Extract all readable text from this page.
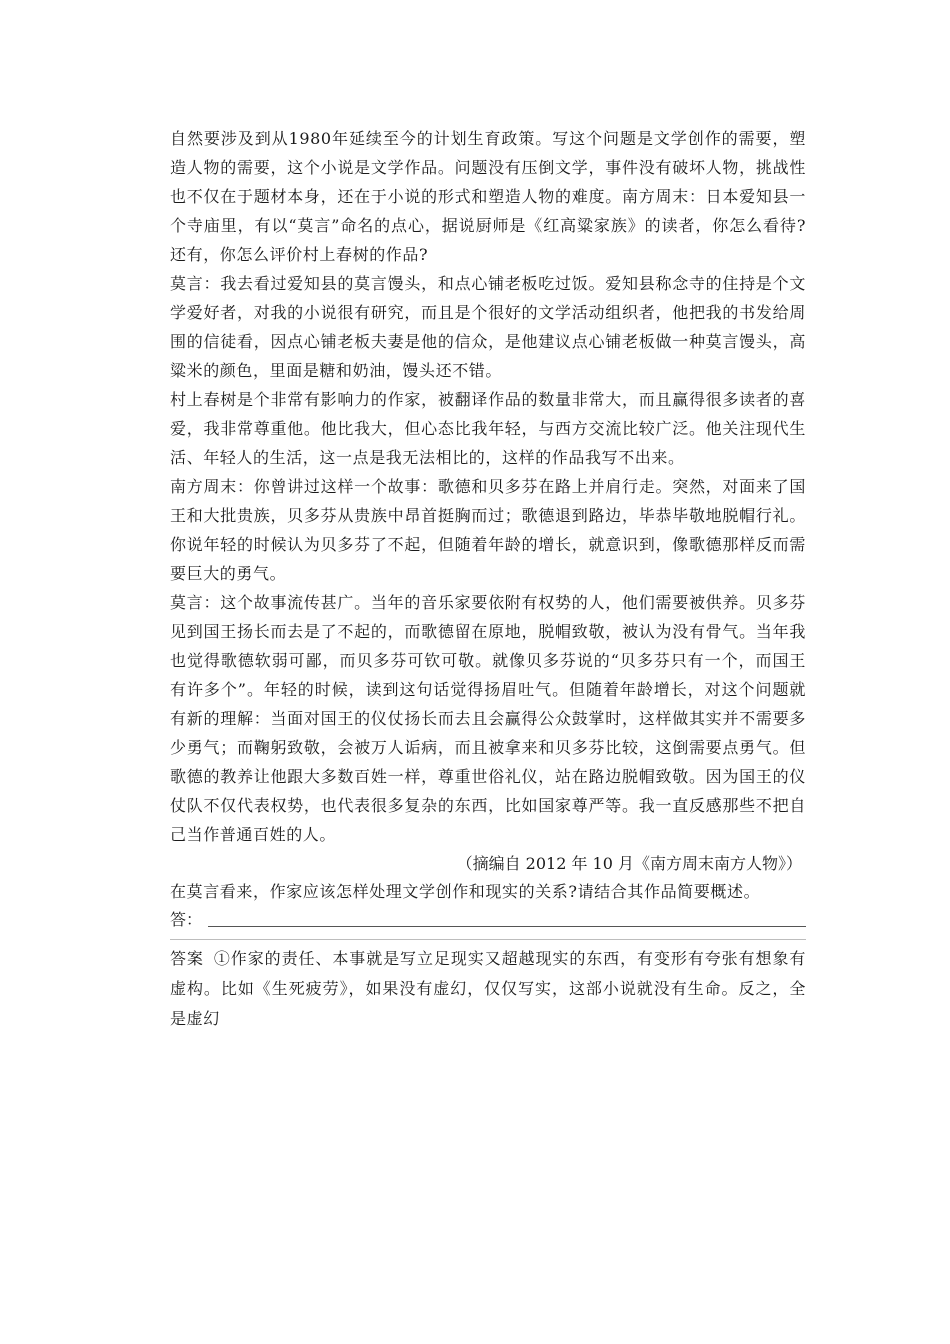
自然要涉及到从1980年延续至今的计划生育政策。写这个问题是文学创作的需要，塑造人物的需要，这个小说是文学作品。问题没有压倒文学，事件没有破坏人物，挑战性也不仅在于题材本身，还在于小说的形式和塑造人物的难度。南方周末：日本爱知县一个寺庙里，有以“莫言”命名的点心，据说厨师是《红高粱家族》的读者，你怎么看待?还有，你怎么评价村上春树的作品?

莫言：我去看过爱知县的莫言馒头，和点心铺老板吃过饭。爱知县称念寺的住持是个文学爱好者，对我的小说很有研究，而且是个很好的文学活动组织者，他把我的书发给周围的信徒看，因点心铺老板夫妻是他的信众，是他建议点心铺老板做一种莫言馒头，高粱米的颜色，里面是糖和奶油，馒头还不错。

村上春树是个非常有影响力的作家，被翻译作品的数量非常大，而且赢得很多读者的喜爱，我非常尊重他。他比我大，但心态比我年轻，与西方交流比较广泛。他关注现代生活、年轻人的生活，这一点是我无法相比的，这样的作品我写不出来。

南方周末：你曾讲过这样一个故事：歌德和贝多芬在路上并肩行走。突然，对面来了国王和大批贵族，贝多芬从贵族中昂首挺胸而过；歌德退到路边，毕恭毕敬地脱帽行礼。你说年轻的时候认为贝多芬了不起，但随着年龄的增长，就意识到，像歌德那样反而需要巨大的勇气。

莫言：这个故事流传甚广。当年的音乐家要依附有权势的人，他们需要被供养。贝多芬见到国王扬长而去是了不起的，而歌德留在原地，脱帽致敬，被认为没有骨气。当年我也觉得歌德软弱可鄙，而贝多芬可钦可敬。就像贝多芬说的“贝多芬只有一个，而国王有许多个”。年轻的时候，读到这句话觉得扬眉吐气。但随着年龄增长，对这个问题就有新的理解：当面对国王的仪仗扬长而去且会赢得公众鼓掌时，这样做其实并不需要多少勇气；而鞠躬致敬，会被万人诟病，而且被拿来和贝多芬比较，这倒需要点勇气。但歌德的教养让他跟大多数百姓一样，尊重世俗礼仪，站在路边脱帽致敬。因为国王的仪仗队不仅代表权势，也代表很多复杂的东西，比如国家尊严等。我一直反感那些不把自己当作普通百姓的人。

（摘编自 2012 年 10 月《南方周末南方人物》）

在莫言看来，作家应该怎样处理文学创作和现实的关系?请结合其作品简要概述。

答：

答案 ①作家的责任、本事就是写立足现实又超越现实的东西，有变形有夸张有想象有虚构。比如《生死疲劳》，如果没有虚幻，仅仅写实，这部小说就没有生命。反之，全是虚幻
